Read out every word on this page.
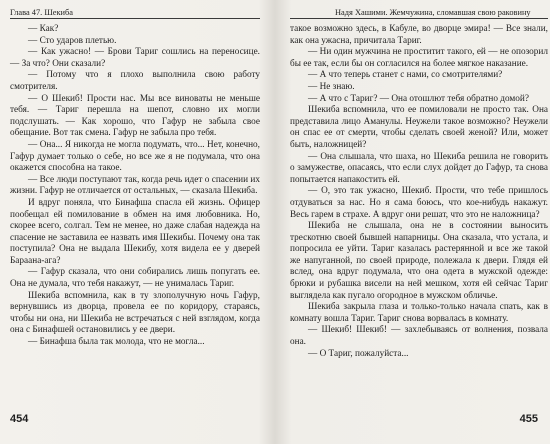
Глава 47. Шекиба

— Как?

— Сто ударов плетью.

— Как ужасно! — Брови Тариг сошлись на переносице. — За что? Они сказали?

— Потому что я плохо выполнила свою работу смотрителя.

— О Шекиб! Прости нас. Мы все виноваты не меньше тебя. — Тариг перешла на шепот, словно их могли подслушать. — Как хорошо, что Гафур не забыла свое обещание. Вот так смена. Гафур не забыла про тебя.

— Она... Я никогда не могла подумать, что... Нет, конечно, Гафур думает только о себе, но все же я не подумала, что она окажется способна на такое.

— Все люди поступают так, когда речь идет о спасении их жизни. Гафур не отличается от остальных, — сказала Шекиба.

И вдруг поняла, что Бинафша спасла ей жизнь. Офицер пообещал ей помилование в обмен на имя любовника. Но, скорее всего, солгал. Тем не менее, но даже слабая надежда на спасение не заставила ее назвать имя Шекибы. Почему она так поступила? Она не выдала Шекибу, хотя видела ее у дверей Бараана-ага?

— Гафур сказала, что они собирались лишь попугать ее. Она не думала, что тебя накажут, — не унималась Тариг.

Шекиба вспомнила, как в ту злополучную ночь Гафур, вернувшись из дворца, провела ее по коридору, стараясь, чтобы ни она, ни Шекиба не встречаться с ней взглядом, когда она с Бинафшей остановились у ее двери.

— Бинафша была так молода, что не могла...

454
Надя Хашими. Жемчужина, сломавшая свою раковину

такое возможно здесь, в Кабуле, во дворце эмира! — Все знали, как она ужасна, причитала Тариг.

— Ни один мужчина не проститит такого, ей — не опозорил бы ее так, если бы он согласился на более мягкое наказание.

— А что теперь станет с нами, со смотрителями?

— Не знаю.

— А что с Тариг? — Она отошлют тебя обратно домой?

Шекиба вспомнила, что ее помиловали не просто так. Она представила лицо Аманулы. Неужели такое возможно? Неужели он спас ее от смерти, чтобы сделать своей женой? Или, может быть, наложницей?

— Она слышала, что шаха, но Шекиба решила не говорить о замужестве, опасаясь, что если слух дойдет до Гафур, та снова попытается напакостить ей.

— О, это так ужасно, Шекиб. Прости, что тебе пришлось отдуваться за нас. Но я сама боюсь, что кое-нибудь накажут. Весь гарем в страхе. А вдруг они решат, что это не наложница?

Шекиба не слышала, она не в состоянии выносить трескотню своей бывшей напарницы. Она сказала, что устала, и попросила ее уйти. Тариг казалась растерянной и все же такой же напуганной, по своей природе, полежала к двери. Глядя ей вслед, она вдруг подумала, что она одета в мужской одежде: брюки и рубашка висели на ней мешком, хотя ей сейчас Тариг выглядела как пугало огородное в мужском обличье.

Шекиба закрыла глаза и только-только начала спать, как в комнату вошла Тариг. Тариг снова ворвалась в комнату.

— Шекиб! Шекиб! — захлебываясь от волнения, позвала она.

— О Тариг, пожалуйста...

455
